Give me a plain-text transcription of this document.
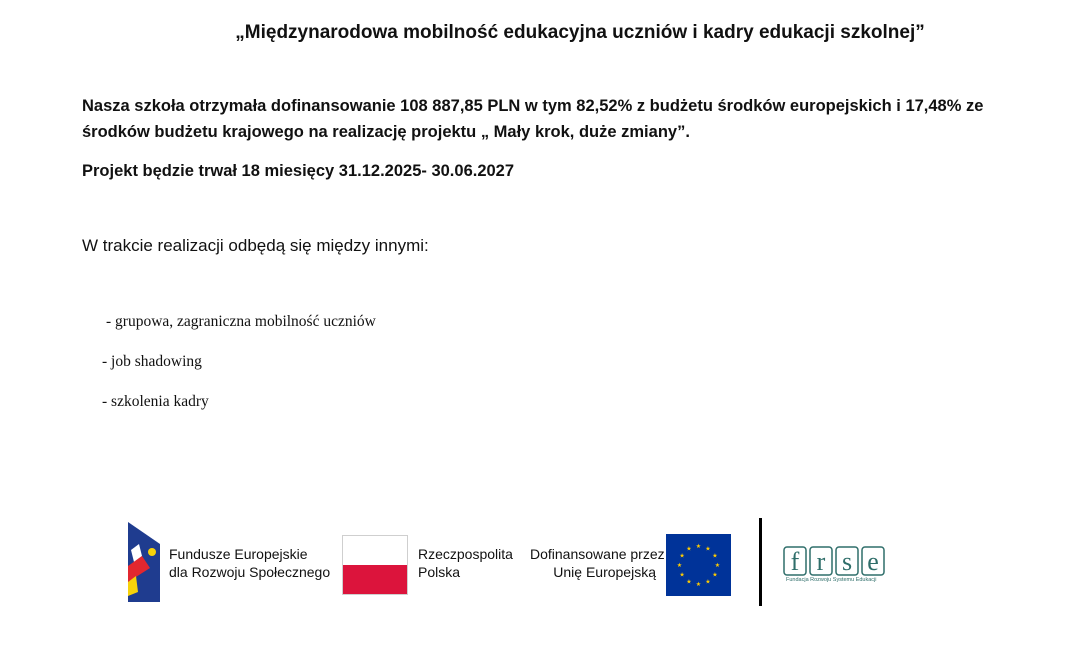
„Międzynarodowa mobilność edukacyjna uczniów i kadry edukacji szkolnej”
Nasza szkoła otrzymała dofinansowanie 108 887,85 PLN w tym 82,52% z budżetu środków europejskich i 17,48% ze
środków budżetu krajowego na realizację projektu „ Mały krok, duże zmiany”.
Projekt będzie trwał 18 miesięcy 31.12.2025- 30.06.2027
W trakcie realizacji odbędą się między innymi:
- grupowa, zagraniczna mobilność uczniów
- job shadowing
- szkolenia kadry
Fundusze Europejskie
dla Rozwoju Społecznego
Rzeczpospolita
Polska
Dofinansowane przez
Unię Europejską
★ ★
★
★
★
★
★
★
★
★
★
★	f r s e
Fundacja Rozwoju Systemu Edukacji
